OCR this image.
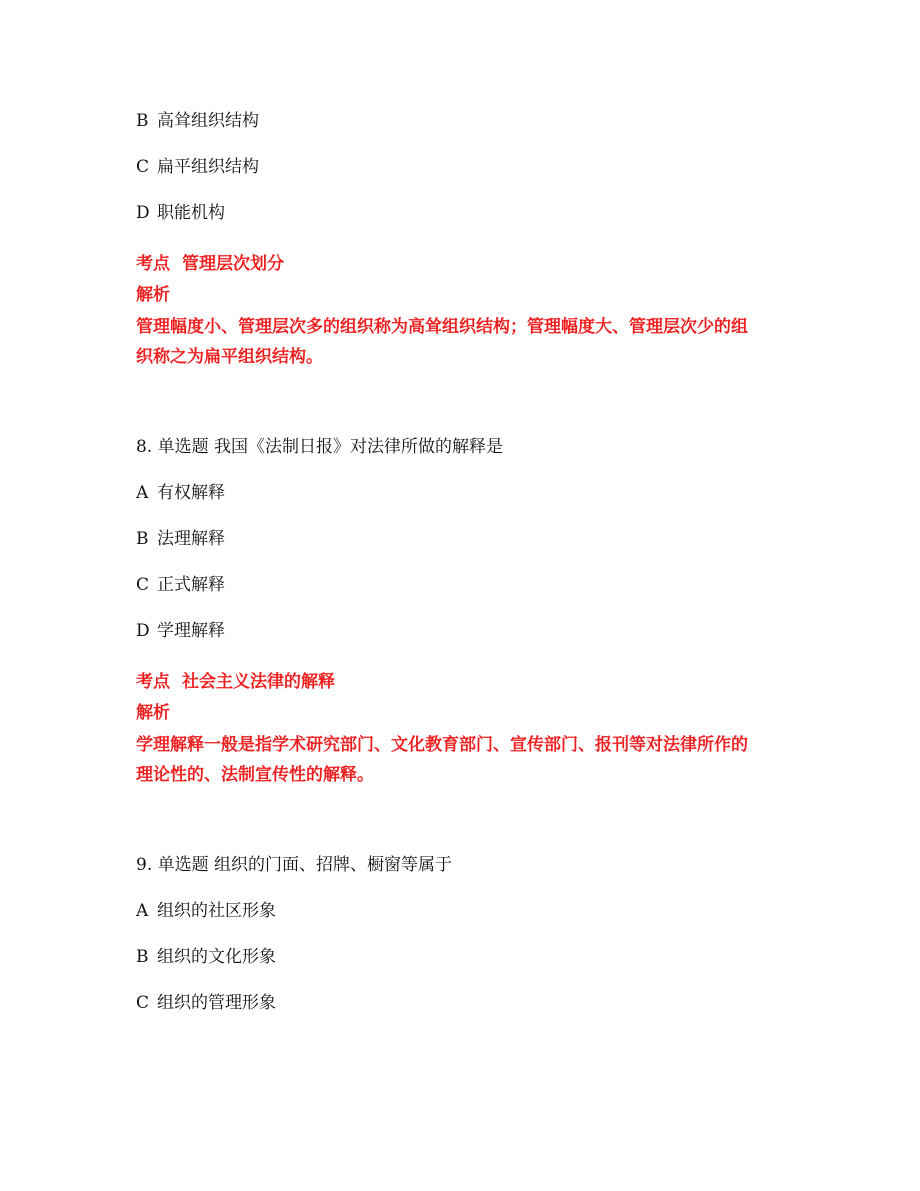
B 高耸组织结构
C 扁平组织结构
D 职能机构
考点 管理层次划分
解析
管理幅度小、管理层次多的组织称为高耸组织结构；管理幅度大、管理层次少的组
织称之为扁平组织结构。
8. 单选题 我国《法制日报》对法律所做的解释是
A 有权解释
B 法理解释
C 正式解释
D 学理解释
考点 社会主义法律的解释
解析
学理解释一般是指学术研究部门、文化教育部门、宣传部门、报刊等对法律所作的
理论性的、法制宣传性的解释。
9. 单选题 组织的门面、招牌、橱窗等属于
A 组织的社区形象
B 组织的文化形象
C 组织的管理形象
